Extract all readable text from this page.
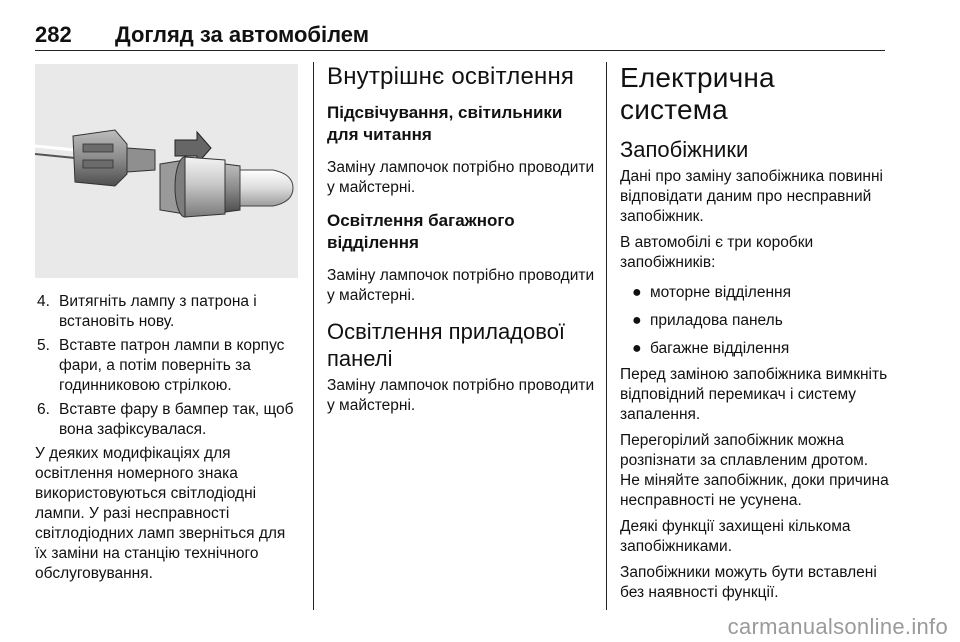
282 Догляд за автомобілем
4. Витягніть лампу з патрона і встановіть нову.
5. Вставте патрон лампи в корпус фари, а потім поверніть за годинниковою стрілкою.
6. Вставте фару в бампер так, щоб вона зафіксувалася.

У деяких модифікаціях для освітлення номерного знака використовуються світлодіодні лампи. У разі несправності світлодіодних ламп зверніться для їх заміни на станцію технічного обслуговування.

Внутрішнє освітлення
Підсвічування, світильники для читання

Заміну лампочок потрібно проводити у майстерні.

Освітлення багажного відділення

Заміну лампочок потрібно проводити у майстерні.

Освітлення приладової панелі

Заміну лампочок потрібно проводити у майстерні.

Електрична система
Запобіжники

Дані про заміну запобіжника повинні відповідати даним про несправний запобіжник.

В автомобілі є три коробки запобіжників:

● моторне відділення
● приладова панель
● багажне відділення

Перед заміною запобіжника вимкніть відповідний перемикач і систему запалення.

Перегорілий запобіжник можна розпізнати за сплавленим дротом. Не міняйте запобіжник, доки причина несправності не усунена.

Деякі функції захищені кількома запобіжниками.

Запобіжники можуть бути вставлені без наявності функції.

carmanualsonline.info
